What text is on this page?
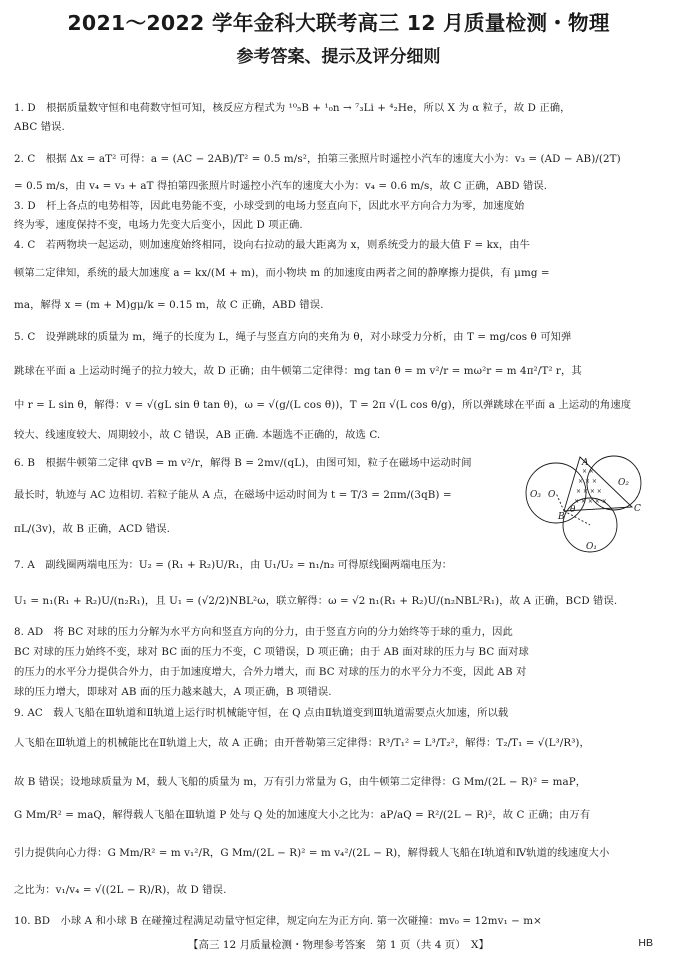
2021～2022 学年金科大联考高三 12 月质量检测・物理
参考答案、提示及评分细则
1. D　根据质量数守恒和电荷数守恒可知，核反应方程式为 ¹⁰₅B + ¹₀n → ⁷₃Li + ⁴₂He，所以 X 为 α 粒子，故 D 正确，
ABC 错误.
2. C　根据 Δx = aT² 可得：a = (AC − 2AB)/T² = 0.5 m/s²，拍第三张照片时遥控小汽车的速度大小为：v₃ = (AD − AB)/(2T)
= 0.5 m/s，由 v₄ = v₃ + aT 得拍第四张照片时遥控小汽车的速度大小为：v₄ = 0.6 m/s，故 C 正确，ABD 错误.
3. D　杆上各点的电势相等，因此电势能不变，小球受到的电场力竖直向下，因此水平方向合力为零，加速度始
终为零，速度保持不变，电场力先变大后变小，因此 D 项正确.
4. C　若两物块一起运动，则加速度始终相同，设向右拉动的最大距离为 x，则系统受力的最大值 F = kx，由牛
顿第二定律知，系统的最大加速度 a = kx/(M + m)，而小物块 m 的加速度由两者之间的静摩擦力提供，有 μmg =
ma，解得 x = (m + M)gμ/k = 0.15 m，故 C 正确，ABD 错误.
5. C　设弹跳球的质量为 m，绳子的长度为 L，绳子与竖直方向的夹角为 θ，对小球受力分析，由 T = mg/cos θ 可知弹
跳球在平面 a 上运动时绳子的拉力较大，故 D 正确；由牛顿第二定律得：mg tan θ = m v²/r = mω²r = m 4π²/T² r，其
中 r = L sin θ，解得：v = √(gL sin θ tan θ)，ω = √(g/(L cos θ))，T = 2π √(L cos θ/g)，所以弹跳球在平面 a 上运动的角速度
较大、线速度较大、周期较小，故 C 错误，AB 正确. 本题选不正确的，故选 C.
6. B　根据牛顿第二定律 qvB = m v²/r，解得 B = 2mv/(qL)，由图可知，粒子在磁场中运动时间
最长时，轨迹与 AC 边相切. 若粒子能从 A 点，在磁场中运动时间为 t = T/3 = 2πm/(3qB) =
πL/(3v)，故 B 正确，ACD 错误.
7. A　副线圈两端电压为：U₂ = (R₁ + R₂)U/R₁，由 U₁/U₂ = n₁/n₂ 可得原线圈两端电压为：
U₁ = n₁(R₁ + R₂)U/(n₂R₁)，且 U₁ = (√2/2)NBL²ω，联立解得：ω = √2 n₁(R₁ + R₂)U/(n₂NBL²R₁)，故 A 正确，BCD 错误.
8. AD　将 BC 对球的压力分解为水平方向和竖直方向的分力，由于竖直方向的分力始终等于球的重力，因此
BC 对球的压力始终不变，球对 BC 面的压力不变，C 项错误，D 项正确；由于 AB 面对球的压力与 BC 面对球
的压力的水平分力提供合外力，由于加速度增大，合外力增大，而 BC 对球的压力的水平分力不变，因此 AB 对
球的压力增大，即球对 AB 面的压力越来越大，A 项正确，B 项错误.
9. AC　载人飞船在Ⅲ轨道和Ⅱ轨道上运行时机械能守恒，在 Q 点由Ⅱ轨道变到Ⅲ轨道需要点火加速，所以载
人飞船在Ⅲ轨道上的机械能比在Ⅱ轨道上大，故 A 正确；由开普勒第三定律得：R³/T₁² = L³/T₂²，解得：T₂/T₁ = √(L³/R³)，
故 B 错误；设地球质量为 M，载人飞船的质量为 m，万有引力常量为 G，由牛顿第二定律得：G Mm/(2L − R)² = maP，
G Mm/R² = maQ，解得载人飞船在Ⅲ轨道 P 处与 Q 处的加速度大小之比为：aP/aQ = R²/(2L − R)²，故 C 正确；由万有
引力提供向心力得：G Mm/R² = m v₁²/R，G Mm/(2L − R)² = m v₄²/(2L − R)，解得载人飞船在Ⅰ轨道和Ⅳ轨道的线速度大小
之比为：v₁/v₄ = √((2L − R)/R)，故 D 错误.
10. BD　小球 A 和小球 B 在碰撞过程满足动量守恒定律，规定向左为正方向. 第一次碰撞：mv₀ = 12mv₁ − m×
× ×
× × ×
× × × ×
× × × × ×
A
O
B
C
θ
O₁
O₂
O₃
【高三 12 月质量检测・物理参考答案　第 1 页（共 4 页）　X】	HB
